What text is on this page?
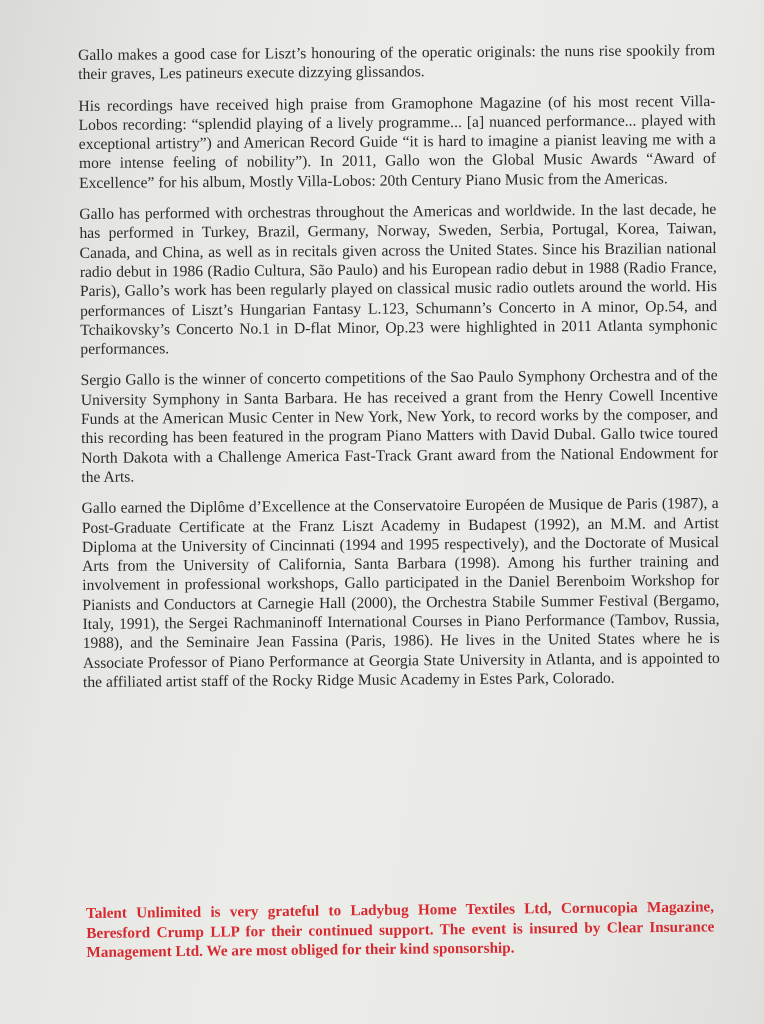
Gallo makes a good case for Liszt’s honouring of the operatic originals: the nuns rise spookily from their graves, Les patineurs execute dizzying glissandos.

His recordings have received high praise from Gramophone Magazine (of his most recent Villa-Lobos recording: “splendid playing of a lively programme... [a] nuanced performance... played with exceptional artistry”) and American Record Guide “it is hard to imagine a pianist leaving me with a more intense feeling of nobility”). In 2011, Gallo won the Global Music Awards “Award of Excellence” for his album, Mostly Villa-Lobos: 20th Century Piano Music from the Americas.

Gallo has performed with orchestras throughout the Americas and worldwide. In the last decade, he has performed in Turkey, Brazil, Germany, Norway, Sweden, Serbia, Portugal, Korea, Taiwan, Canada, and China, as well as in recitals given across the United States. Since his Brazilian national radio debut in 1986 (Radio Cultura, São Paulo) and his European radio debut in 1988 (Radio France, Paris), Gallo’s work has been regularly played on classical music radio outlets around the world. His performances of Liszt’s Hungarian Fantasy L.123, Schumann’s Concerto in A minor, Op.54, and Tchaikovsky’s Concerto No.1 in D-flat Minor, Op.23 were highlighted in 2011 Atlanta symphonic performances.

Sergio Gallo is the winner of concerto competitions of the Sao Paulo Symphony Orchestra and of the University Symphony in Santa Barbara. He has received a grant from the Henry Cowell Incentive Funds at the American Music Center in New York, New York, to record works by the composer, and this recording has been featured in the program Piano Matters with David Dubal. Gallo twice toured North Dakota with a Challenge America Fast-Track Grant award from the National Endowment for the Arts.

Gallo earned the Diplôme d’Excellence at the Conservatoire Européen de Musique de Paris (1987), a Post-Graduate Certificate at the Franz Liszt Academy in Budapest (1992), an M.M. and Artist Diploma at the University of Cincinnati (1994 and 1995 respectively), and the Doctorate of Musical Arts from the University of California, Santa Barbara (1998). Among his further training and involvement in professional workshops, Gallo participated in the Daniel Berenboim Workshop for Pianists and Conductors at Carnegie Hall (2000), the Orchestra Stabile Summer Festival (Bergamo, Italy, 1991), the Sergei Rachmaninoff International Courses in Piano Performance (Tambov, Russia, 1988), and the Seminaire Jean Fassina (Paris, 1986). He lives in the United States where he is Associate Professor of Piano Performance at Georgia State University in Atlanta, and is appointed to the affiliated artist staff of the Rocky Ridge Music Academy in Estes Park, Colorado.

Talent Unlimited is very grateful to Ladybug Home Textiles Ltd, Cornucopia Magazine, Beresford Crump LLP for their continued support. The event is insured by Clear Insurance Management Ltd. We are most obliged for their kind sponsorship.
